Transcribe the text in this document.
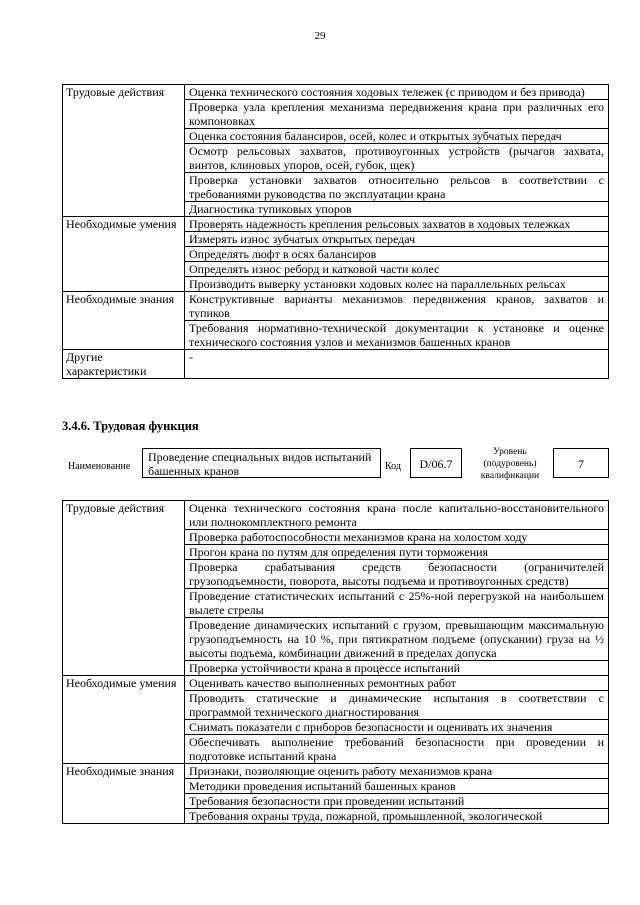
29
Трудовые действия	Оценка технического состояния ходовых тележек (с приводом и без привода)
	Проверка узла крепления механизма передвижения крана при различных его компоновках
	Оценка состояния балансиров, осей, колес и открытых зубчатых передач
	Осмотр рельсовых захватов, противоугонных устройств (рычагов захвата, винтов, клиновых упоров, осей, губок, щек)
	Проверка установки захватов относительно рельсов в соответствии с требованиями руководства по эксплуатации крана
	Диагностика тупиковых упоров
Необходимые умения	Проверять надежность крепления рельсовых захватов в ходовых тележках
	Измерять износ зубчатых открытых передач
	Определять люфт в осях балансиров
	Определять износ реборд и катковой части колес
	Производить выверку установки ходовых колес на параллельных рельсах
Необходимые знания	Конструктивные варианты механизмов передвижения кранов, захватов и тупиков
	Требования нормативно-технической документации к установке и оценке технического состояния узлов и механизмов башенных кранов
Другие характеристики	-
3.4.6. Трудовая функция
Наименование
Проведение специальных видов испытаний башенных кранов	Код	D/06.7
Уровень (подуровень) квалификации
7
Трудовые действия	Оценка технического состояния крана после капитально-восстановительного или полнокомплектного ремонта
	Проверка работоспособности механизмов крана на холостом ходу
	Прогон крана по путям для определения пути торможения
	Проверка срабатывания средств безопасности (ограничителей грузоподъемности, поворота, высоты подъема и противоугонных средств)
	Проведение статистических испытаний с 25%-ной перегрузкой на наибольшем вылете стрелы
	Проведение динамических испытаний с грузом, превышающим максимальную грузоподъемность на 10 %, при пятикратном подъеме (опускании) груза на ½ высоты подъема, комбинации движений в пределах допуска
	Проверка устойчивости крана в процессе испытаний
Необходимые умения	Оценивать качество выполненных ремонтных работ
	Проводить статические и динамические испытания в соответствии с программой технического диагностирования
	Снимать показатели с приборов безопасности и оценивать их значения
	Обеспечивать выполнение требований безопасности при проведении и подготовке испытаний крана
Необходимые знания	Признаки, позволяющие оценить работу механизмов крана
	Методики проведения испытаний башенных кранов
	Требования безопасности при проведении испытаний
	Требования охраны труда, пожарной, промышленной, экологической
